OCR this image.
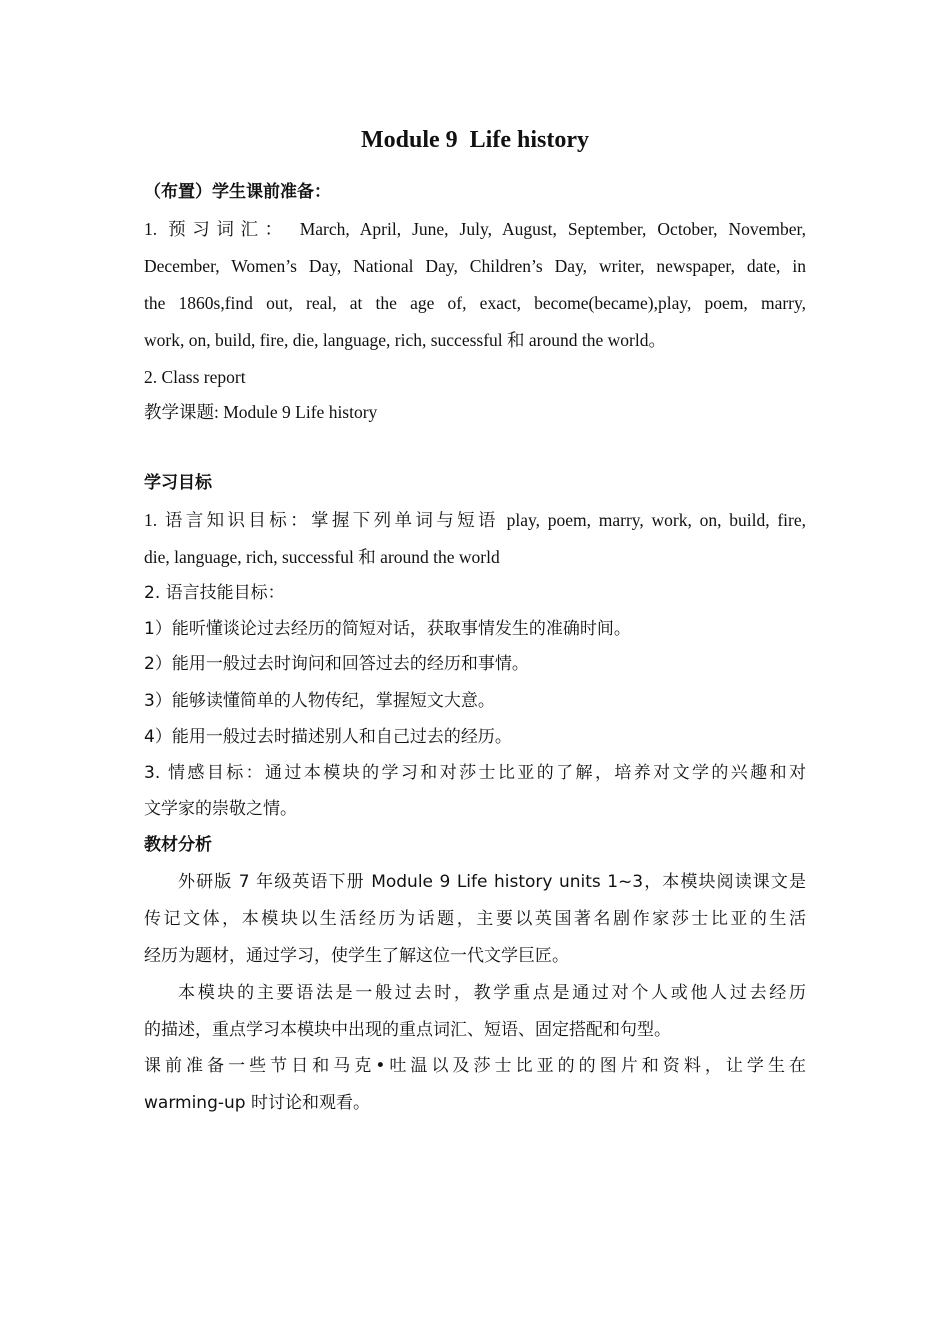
Module 9  Life history
（布置）学生课前准备：
1. 预习词汇： March, April, June, July, August, September, October, November,
December, Women’s Day, National Day, Children’s Day, writer, newspaper, date, in
the 1860s,find out, real, at the age of, exact, become(became),play, poem, marry,
work, on, build, fire, die, language, rich, successful 和 around the world。
2. Class report
教学课题: Module 9 Life history
学习目标
1. 语言知识目标：掌握下列单词与短语 play, poem, marry, work, on, build, fire,
die, language, rich, successful 和 around the world
2. 语言技能目标：
1）能听懂谈论过去经历的简短对话，获取事情发生的准确时间。
2）能用一般过去时询问和回答过去的经历和事情。
3）能够读懂简单的人物传纪，掌握短文大意。
4）能用一般过去时描述别人和自己过去的经历。
3. 情感目标：通过本模块的学习和对莎士比亚的了解，培养对文学的兴趣和对
文学家的崇敬之情。
教材分析
外研版 7 年级英语下册 Module 9 Life history units 1~3，本模块阅读课文是
传记文体，本模块以生活经历为话题，主要以英国著名剧作家莎士比亚的生活
经历为题材，通过学习，使学生了解这位一代文学巨匠。
本模块的主要语法是一般过去时，教学重点是通过对个人或他人过去经历
的描述，重点学习本模块中出现的重点词汇、短语、固定搭配和句型。
课前准备一些节日和马克•吐温以及莎士比亚的的图片和资料，让学生在
warming-up 时讨论和观看。
